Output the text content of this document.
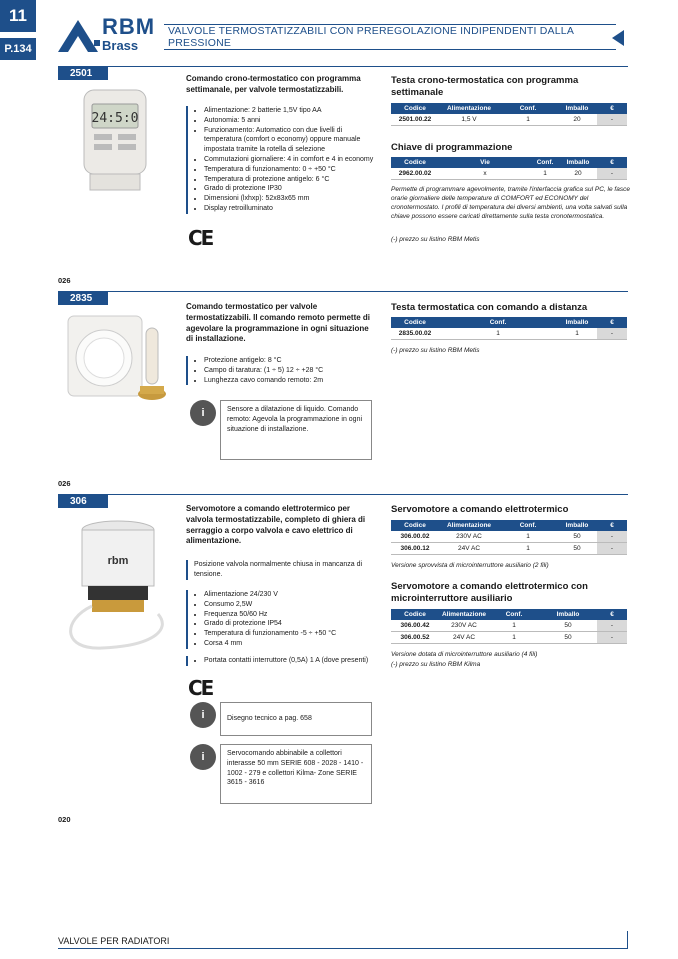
11
P.134
RBM
Brass
VALVOLE TERMOSTATIZZABILI CON PREREGOLAZIONE INDIPENDENTI DALLA PRESSIONE
2501
24:5:0
Comando crono-termostatico con programma settimanale, per valvole termostatizzabili.
• Alimentazione: 2 batterie 1,5V tipo AA
• Autonomia: 5 anni
• Funzionamento: Automatico con due livelli di temperatura (comfort o economy) oppure manuale impostata tramite la rotella di selezione
• Commutazioni giornaliere: 4 in comfort e 4 in economy
• Temperatura di funzionamento: 0 ÷ +50 °C
• Temperatura di protezione antigelo: 6 °C
• Grado di protezione IP30
• Dimensioni (lxhxp): 52x83x65 mm
• Display retroilluminato
CE
Testa crono-termostatica con programma settimanale
Codice	Alimentazione	Conf.	Imballo	€
2501.00.22	1,5 V	1	20	-
Chiave di programmazione
Codice	Vie	Conf.	Imballo	€
2962.00.02	x	1	20	-
Permette di programmare agevolmente, tramite l'interfaccia grafica sul PC, le fasce orarie giornaliere delle temperature di COMFORT ed ECONOMY del cronotermostato. I profili di temperatura dei diversi ambienti, una volta salvati sulla chiave possono essere caricati direttamente sulla testa cronotermostatica.
(-) prezzo su listino RBM Metis
026
2835
Comando termostatico per valvole termostatizzabili. Il comando remoto permette di agevolare la programmazione in ogni situazione di installazione.
• Protezione antigelo: 8 °C
• Campo di taratura: (1 ÷ 5) 12 ÷ +28 °C
• Lunghezza cavo comando remoto: 2m
i	Sensore a dilatazione di liquido. Comando remoto: Agevola la programmazione in ogni situazione di installazione.
Testa termostatica con comando a distanza
Codice	Conf.	Imballo	€
2835.00.02	1	1	-
(-) prezzo su listino RBM Metis
026
306
rbm
Servomotore a comando elettrotermico per valvola termostatizzabile, completo di ghiera di serraggio a corpo valvola e cavo elettrico di alimentazione.
Posizione valvola normalmente chiusa in mancanza di tensione.
• Alimentazione 24/230 V
• Consumo 2,5W
• Frequenza 50/60 Hz
• Grado di protezione IP54
• Temperatura di funzionamento -5 ÷ +50 °C
• Corsa 4 mm
• Portata contatti interruttore (0,5A) 1 A (dove presenti)
CE
i	Disegno tecnico a pag. 658
i	Servocomando abbinabile a collettori interasse 50 mm SERIE 608 - 2028 - 1410 - 1002 - 279 e collettori Kilma- Zone SERIE 3615 - 3616
Servomotore a comando elettrotermico
Codice	Alimentazione	Conf.	Imballo	€
306.00.02	230V AC	1	50	-
306.00.12	24V AC	1	50	-
Versione sprovvista di microinterruttore ausiliario (2 fili)
Servomotore a comando elettrotermico con microinterruttore ausiliario
Codice	Alimentazione	Conf.	Imballo	€
306.00.42	230V AC	1	50	-
306.00.52	24V AC	1	50	-
Versione dotata di microinterruttore ausiliario (4 fili)
(-) prezzo su listino RBM Kilma
020
VALVOLE PER RADIATORI
